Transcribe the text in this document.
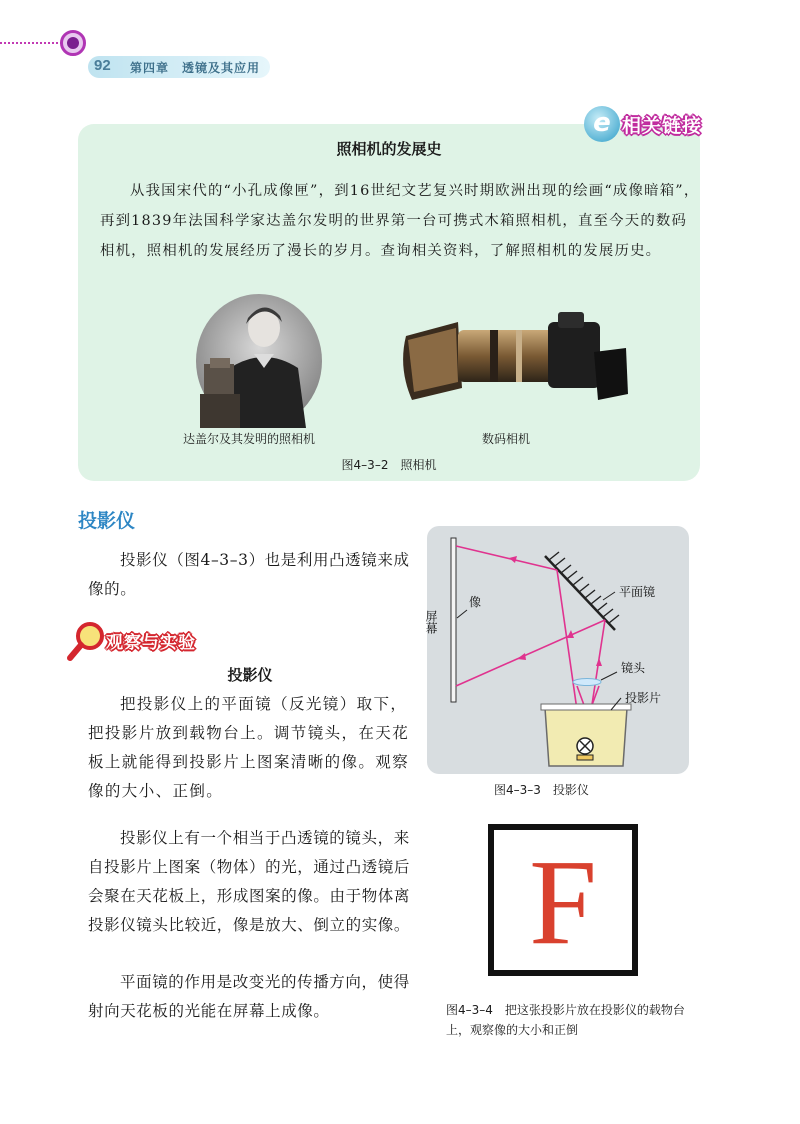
92 第四章　透镜及其应用
e 相关链接
照相机的发展史
从我国宋代的“小孔成像匣”，到16世纪文艺复兴时期欧洲出现的绘画“成像暗箱”，再到1839年法国科学家达盖尔发明的世界第一台可携式木箱照相机，直至今天的数码相机，照相机的发展经历了漫长的岁月。查询相关资料，了解照相机的发展历史。
达盖尔及其发明的照相机	数码相机
图4–3–2　照相机
投影仪
投影仪（图4–3–3）也是利用凸透镜来成像的。
观察与实验
投影仪
把投影仪上的平面镜（反光镜）取下，把投影片放到载物台上。调节镜头，在天花板上就能得到投影片上图案清晰的像。观察像的大小、正倒。
投影仪上有一个相当于凸透镜的镜头，来自投影片上图案（物体）的光，通过凸透镜后会聚在天花板上，形成图案的像。由于物体离投影仪镜头比较近，像是放大、倒立的实像。
平面镜的作用是改变光的传播方向，使得射向天花板的光能在屏幕上成像。
屏幕
像
平面镜
镜头
投影片
图4–3–3　投影仪
F
图4–3–4　把这张投影片放在投影仪的载物台上，观察像的大小和正倒
